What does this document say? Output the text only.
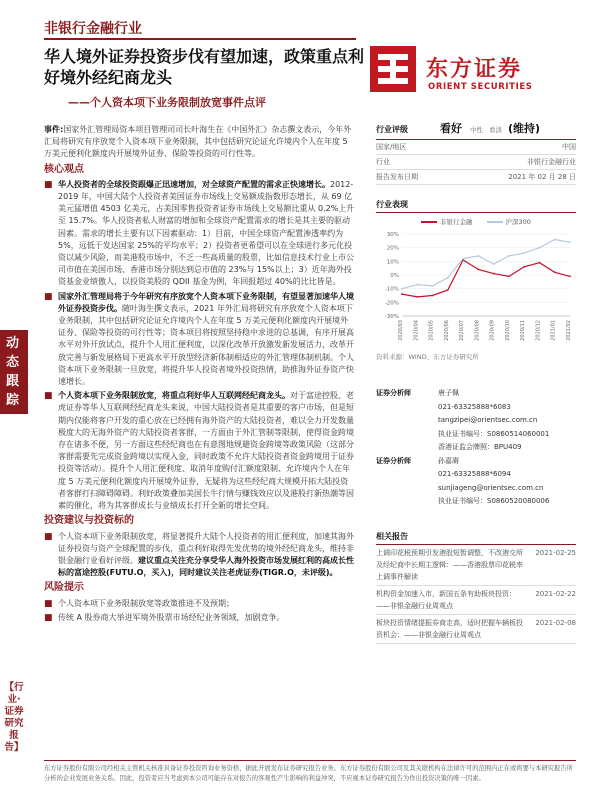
非银行金融行业
华人境外证券投资步伐有望加速，政策重点利好境外经纪商龙头
——个人资本项下业务限制放宽事件点评
东方证券
ORIENT SECURITIES
动态跟踪
【行业·证券研究报告】
事件:国家外汇管理局资本项目管理司司长叶海生在《中国外汇》杂志撰文表示，今年外汇局将研究有序放宽个人资本项下业务限制，其中包括研究论证允许境内个人在年度 5 万美元便利化额度内开展境外证券、保险等投资的可行性等。
核心观点
■ 华人投资者的全球投资跟爆正迅速增加，对全球资产配置的需求正快速增长。2012-2019 年，中国大陆个人投资者美国证券市场线上交易额成指数形态增长，从 69 亿美元猛增值 4503 亿美元，占美国零售投资者证券市场线上交易额比重从 0.2%上升至 15.7%。华人投资者私人财富的增加和全球资产配置需求的增长是其主要的驱动因素。需求的增长主要有以下因素驱动：1）目前，中国全球资产配置渗透率约为 5%，远低于发达国家 25%的平均水平；2）投资者更希望可以在全球进行多元化投资以减少风险，而美港股市场中，不乏一些高质量的股票，比如信息技术行业上市公司市值在美国市场、香港市场分别达到总市值的 23%与 15%以上；3）近年海外投资基金业绩傲人，以投资美股的 QDII 基金为例，年回报超过 40%的比比皆是。
■ 国家外汇管理局将于今年研究有序放宽个人资本项下业务限制，有望显著加速华人境外证券投资步伐。随叶海生撰文表示，2021 年外汇局将研究有序放宽个人资本项下业务限制，其中包括研究论证允许境内个人在年度 5 万美元便利化额度内开展境外证券、保险等投资的可行性等；资本项目将按照坚持稳中求进的总基调，有序开展高水平对外开放试点，提升个人用汇便利度，以深化改革开放激发新发展活力，改革开放完善与新发展格局下更高水平开放型经济新体制相适应的外汇管理体制机制。个人资本项下业务限制一旦放宽，将提升华人投资者境外投资热情，助推海外证券资产快速增长。
■ 个人资本项下业务限制放宽，将重点利好华人互联网经纪商龙头。对于富途控股、老虎证券等华人互联网经纪商龙头来说，中国大陆投资者是其重要的客户市场，但是短期内仅能将客户开发的重心放在已经拥有海外资产的大陆投资者，难以全力开发数量极度大的无海外资产的大陆投资者客群，一方面由于外汇管制等限制，使得资金跨境存在诸多不便，另一方面这些经纪商也在有意图地规避资金跨境等政策风险（这部分客群需要先完成资金跨境以实现入金，同时政策不允许大陆投资者资金跨境用于证券投资等活动）。提升个人用汇便利度、取消年度购付汇额度限制、允许境内个人在年度 5 万美元便利化额度内开展境外证券，无疑将为这些经纪商大规模开拓大陆投资者客群打扫障碍障碍。利好政策叠加美国长牛行情与赚钱效应以及港股打新热潮等因素的催化，将为其客群成长与业绩成长打开全新的增长空间。
投资建议与投资标的
■ 个人资本项下业务限制放宽，将显著提升大陆个人投资者的用汇便利度，加速其海外证券投资与资产全球配置的步伐，重点利好取得先发优势的境外经纪商龙头，维持非银金融行业看好评级。建议重点关注充分享受华人海外投资市场发展红利的高成长性标的富途控股(FUTU.O，买入)，同时建议关注老虎证券(TIGR.O，未评级)。
风险提示
■ 个人资本项下业务限制放宽等政策推进不及预期；
■ 传统 A 股券商大举进军境外股票市场经纪业务领域，加剧竞争。
行业评级	看好 中性 看淡 (维持)
国家/地区	中国
行业	非银行金融行业
报告发布日期	2021 年 02 月 28 日
行业表现
非银行金融	沪深300
30%
20%
10%
0%
-10%
-20%
-30%
2020/03 2020/04 2020/05 2020/06 2020/07 2020/08 2020/09 2020/10 2020/11 2020/12 2021/01 2021/02
资料来源：WIND、东方证券研究所
证券分析师	唐子佩
021-63325888*6083
tangzipei@orientsec.com.cn
执业证书编号：S0860514060001
香港证监会牌照：BPU409
证券分析师	孙嘉赓
021-63325888*6094
sunjiageng@orientsec.com.cn
执业证书编号：S0860520080006
相关报告
上调印花税预期引发港股短暂调整，不改港交所及经纪商中长期主逻辑：——香港股票印花税率上调事件解读
2021-02-25
机构资金加速入市，新国五条有助板块投资：——非银金融行业周观点
2021-02-22
板块投资情绪提振券商走高，适时把握车辆板投资机会：——非银金融行业周观点
2021-02-08
东方证券股份有限公司经相关主管机关核准具备证券投资咨询业务资格，据此开展发布证券研究报告业务。东方证券股份有限公司及其关联机构在法律许可的范围内正在或将要与本研究报告所分析的企业发展业务关系。因此，投资者应当考虑到本公司可能存在对报告的客观性产生影响的利益冲突，不应视本证券研究报告为作出投资决策的唯一因素。
